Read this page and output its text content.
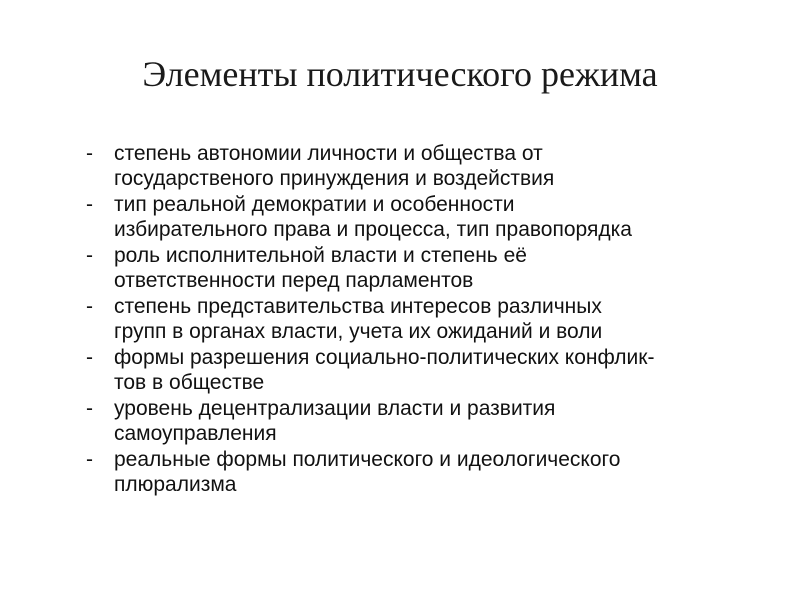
Элементы политического режима
- степень автономии личности и общества от
государственого принуждения и воздействия
- тип реальной демократии и особенности
избирательного права и процесса, тип правопорядка
- роль исполнительной власти и степень её
ответственности перед парламентов
- степень представительства интересов различных
групп в органах власти, учета их ожиданий и воли
- формы разрешения социально-политических конфлик-
тов в обществе
- уровень децентрализации власти и развития
самоуправления
- реальные формы политического и идеологического
плюрализма
